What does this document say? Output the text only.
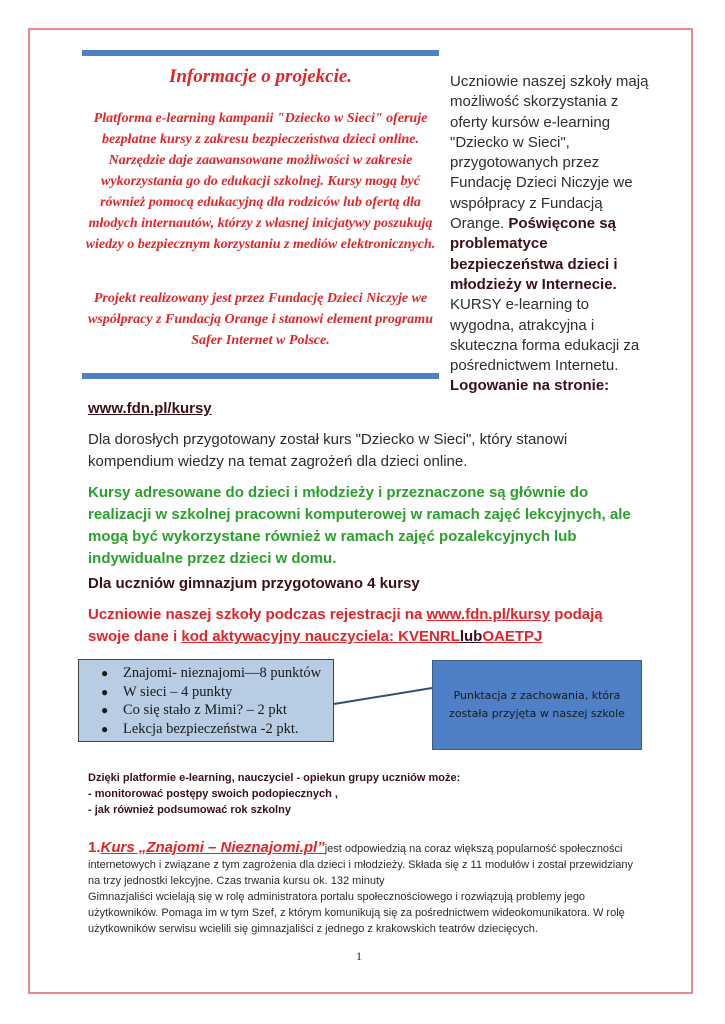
Informacje o projekcie.

Platforma e-learning kampanii "Dziecko w Sieci" oferuje bezpłatne kursy z zakresu bezpieczeństwa dzieci online. Narzędzie daje zaawansowane możliwości w zakresie wykorzystania go do edukacji szkolnej. Kursy mogą być również pomocą edukacyjną dla rodziców lub ofertą dla młodych internautów, którzy z własnej inicjatywy poszukują wiedzy o bezpiecznym korzystaniu z mediów elektronicznych.

Projekt realizowany jest przez Fundację Dzieci Niczyje we współpracy z Fundacją Orange i stanowi element programu Safer Internet w Polsce.

Uczniowie naszej szkoły mają możliwość skorzystania z oferty kursów e-learning "Dziecko w Sieci", przygotowanych przez Fundację Dzieci Niczyje we współpracy z Fundacją Orange. Poświęcone są problematyce bezpieczeństwa dzieci i młodzieży w Internecie. KURSY e-learning to wygodna, atrakcyjna i skuteczna forma edukacji za pośrednictwem Internetu. Logowanie na stronie:
www.fdn.pl/kursy

Dla dorosłych przygotowany został kurs "Dziecko w Sieci", który stanowi kompendium wiedzy na temat zagrożeń dla dzieci online.

Kursy adresowane do dzieci i młodzieży i przeznaczone są głównie do realizacji w szkolnej pracowni komputerowej w ramach zajęć lekcyjnych, ale mogą być wykorzystane również w ramach zajęć pozalekcyjnych lub indywidualne przez dzieci w domu.

Dla uczniów gimnazjum przygotowano 4 kursy

Uczniowie naszej szkoły podczas rejestracji na www.fdn.pl/kursy podają swoje dane i kod aktywacyjny nauczyciela: KVENRLlubOAETPJ

● Znajomi- nieznajomi—8 punktów
● W sieci – 4 punkty
● Co się stało z Mimi? – 2 pkt
● Lekcja bezpieczeństwa -2 pkt.
Punktacja z zachowania, która została przyjęta w naszej szkole
Dzięki platformie e-learning, nauczyciel - opiekun grupy uczniów może:
- monitorować postępy swoich podopiecznych ,
- jak również podsumować rok szkolny
1.Kurs „Znajomi – Nieznajomi.pl”jest odpowiedzią na coraz większą popularność społeczności internetowych i związane z tym zagrożenia dla dzieci i młodzieży. Składa się z 11 modułów i został przewidziany na trzy jednostki lekcyjne. Czas trwania kursu ok. 132 minuty
Gimnazjaliści wcielają się w rolę administratora portalu społecznościowego i rozwiązują problemy jego użytkowników. Pomaga im w tym Szef, z którym komunikują się za pośrednictwem wideokomunikatora. W rolę użytkowników serwisu wcielili się gimnazjaliści z jednego z krakowskich teatrów dziecięcych.
1
